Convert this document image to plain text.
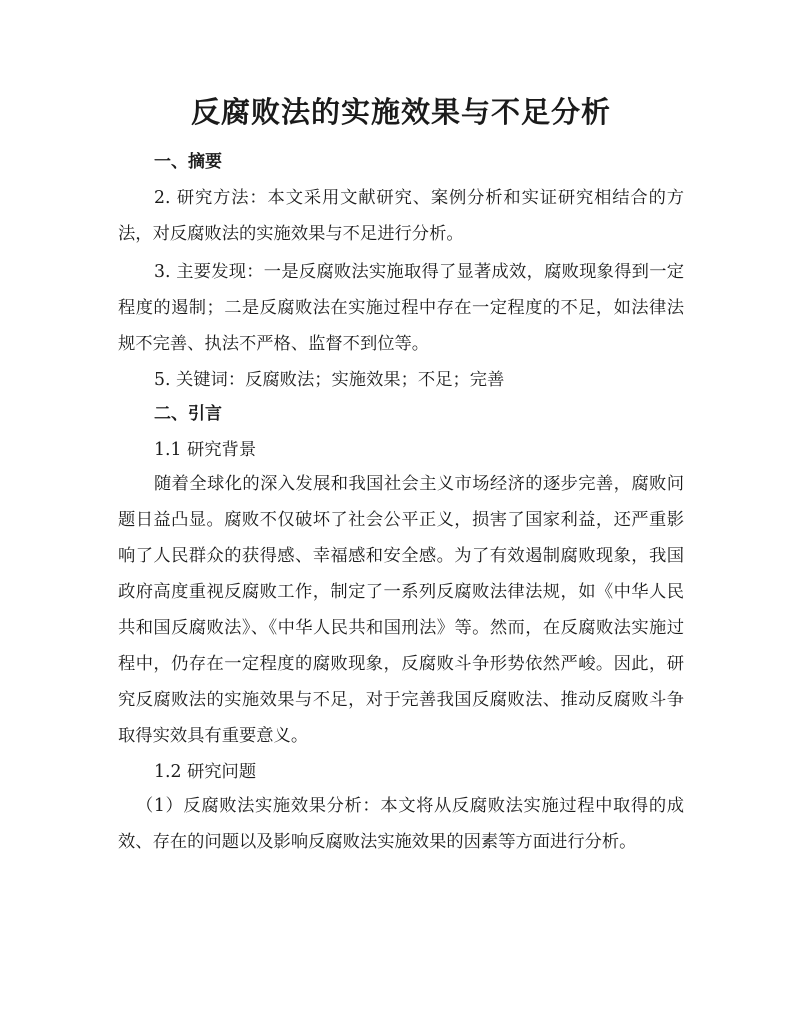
反腐败法的实施效果与不足分析
一、摘要

2. 研究方法：本文采用文献研究、案例分析和实证研究相结合的方法，对反腐败法的实施效果与不足进行分析。

3. 主要发现：一是反腐败法实施取得了显著成效，腐败现象得到一定程度的遏制；二是反腐败法在实施过程中存在一定程度的不足，如法律法规不完善、执法不严格、监督不到位等。

5. 关键词：反腐败法；实施效果；不足；完善

二、引言

1.1 研究背景

随着全球化的深入发展和我国社会主义市场经济的逐步完善，腐败问题日益凸显。腐败不仅破坏了社会公平正义，损害了国家利益，还严重影响了人民群众的获得感、幸福感和安全感。为了有效遏制腐败现象，我国政府高度重视反腐败工作，制定了一系列反腐败法律法规，如《中华人民共和国反腐败法》、《中华人民共和国刑法》等。然而，在反腐败法实施过程中，仍存在一定程度的腐败现象，反腐败斗争形势依然严峻。因此，研究反腐败法的实施效果与不足，对于完善我国反腐败法、推动反腐败斗争取得实效具有重要意义。

1.2 研究问题

（1）反腐败法实施效果分析：本文将从反腐败法实施过程中取得的成效、存在的问题以及影响反腐败法实施效果的因素等方面进行分析。
